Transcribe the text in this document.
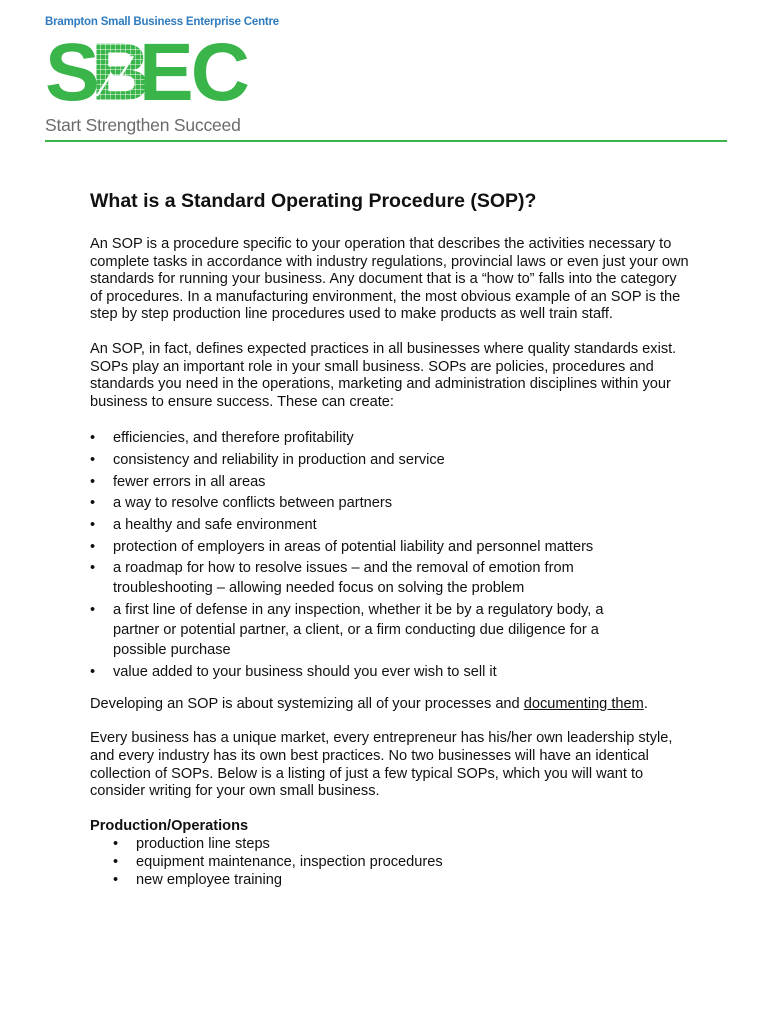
Brampton Small Business Enterprise Centre
S
B
EC
Start Strengthen Succeed
What is a Standard Operating Procedure (SOP)?

An SOP is a procedure specific to your operation that describes the activities necessary to complete tasks in accordance with industry regulations, provincial laws or even just your own standards for running your business. Any document that is a “how to” falls into the category of procedures. In a manufacturing environment, the most obvious example of an SOP is the step by step production line procedures used to make products as well train staff.

An SOP, in fact, defines expected practices in all businesses where quality standards exist. SOPs play an important role in your small business. SOPs are policies, procedures and standards you need in the operations, marketing and administration disciplines within your business to ensure success. These can create:

• efficiencies, and therefore profitability
• consistency and reliability in production and service
• fewer errors in all areas
• a way to resolve conflicts between partners
• a healthy and safe environment
• protection of employers in areas of potential liability and personnel matters
• a roadmap for how to resolve issues – and the removal of emotion from troubleshooting – allowing needed focus on solving the problem
• a first line of defense in any inspection, whether it be by a regulatory body, a partner or potential partner, a client, or a firm conducting due diligence for a possible purchase
• value added to your business should you ever wish to sell it

Developing an SOP is about systemizing all of your processes and documenting them.

Every business has a unique market, every entrepreneur has his/her own leadership style, and every industry has its own best practices. No two businesses will have an identical collection of SOPs. Below is a listing of just a few typical SOPs, which you will want to consider writing for your own small business.

Production/Operations
• production line steps
• equipment maintenance, inspection procedures
• new employee training
